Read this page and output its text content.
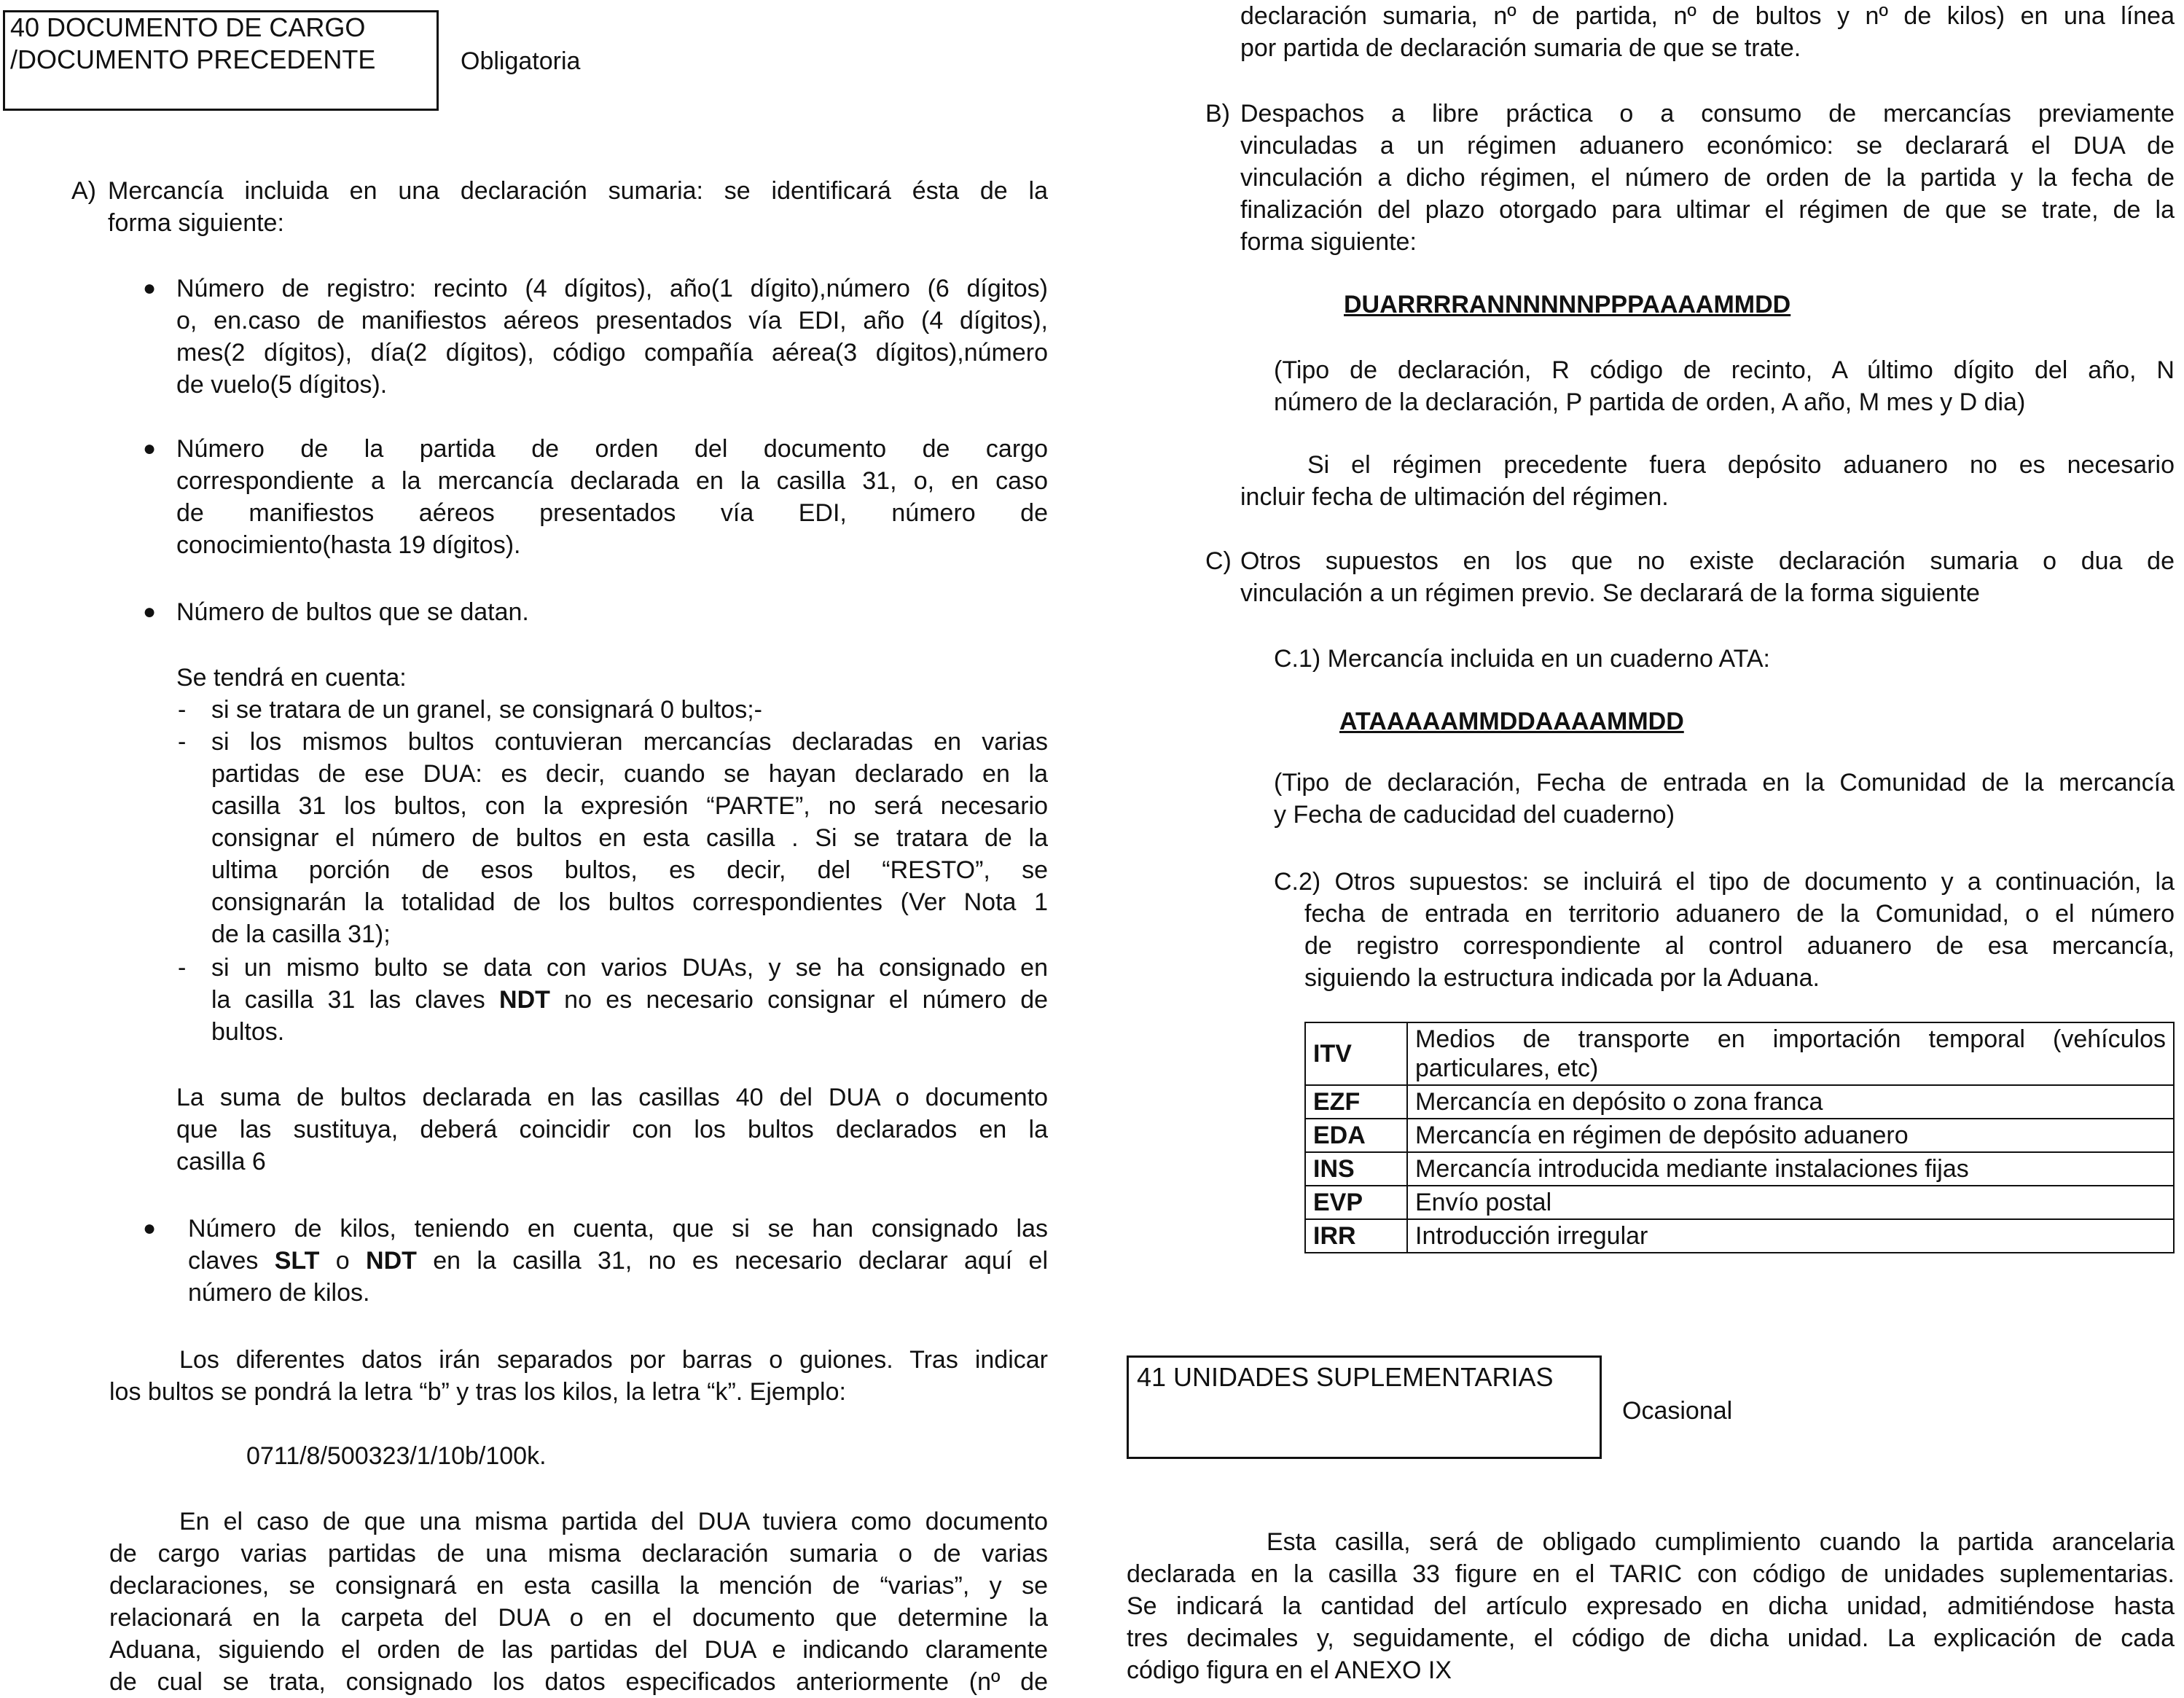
40 DOCUMENTO DE CARGO
/DOCUMENTO PRECEDENTE	Obligatoria
A) Mercancía incluida en una declaración sumaria: se identificará ésta de la
forma siguiente:
● Número de registro: recinto (4 dígitos), año(1 dígito),número (6 dígitos)
o, en.caso de manifiestos aéreos presentados vía EDI, año (4 dígitos),
mes(2 dígitos), día(2 dígitos), código compañía aérea(3 dígitos),número
de vuelo(5 dígitos).
● Número de la partida de orden del documento de cargo
correspondiente a la mercancía declarada en la casilla 31, o, en caso
de manifiestos aéreos presentados vía EDI, número de
conocimiento(hasta 19 dígitos).
● Número de bultos que se datan.
Se tendrá en cuenta:
- si se tratara de un granel, se consignará 0 bultos;-
- si los mismos bultos contuvieran mercancías declaradas en varias
partidas de ese DUA: es decir, cuando se hayan declarado en la
casilla 31 los bultos, con la expresión “PARTE”, no será necesario
consignar el número de bultos en esta casilla . Si se tratara de la
ultima porción de esos bultos, es decir, del “RESTO”, se
consignarán la totalidad de los bultos correspondientes (Ver Nota 1
de la casilla 31);
- si un mismo bulto se data con varios DUAs, y se ha consignado en
la casilla 31 las claves NDT no es necesario consignar el número de
bultos.
La suma de bultos declarada en las casillas 40 del DUA o documento
que las sustituya, deberá coincidir con los bultos declarados en la
casilla 6
● Número de kilos, teniendo en cuenta, que si se han consignado las
claves SLT o NDT en la casilla 31, no es necesario declarar aquí el
número de kilos.
Los diferentes datos irán separados por barras o guiones. Tras indicar
los bultos se pondrá la letra “b” y tras los kilos, la letra “k”. Ejemplo:
0711/8/500323/1/10b/100k.
En el caso de que una misma partida del DUA tuviera como documento
de cargo varias partidas de una misma declaración sumaria o de varias
declaraciones, se consignará en esta casilla la mención de “varias”, y se
relacionará en la carpeta del DUA o en el documento que determine la
Aduana, siguiendo el orden de las partidas del DUA e indicando claramente
de cual se trata, consignado los datos especificados anteriormente (nº de
declaración sumaria, nº de partida, nº de bultos y nº de kilos) en una línea
por partida de declaración sumaria de que se trate.
B) Despachos a libre práctica o a consumo de mercancías previamente
vinculadas a un régimen aduanero económico: se declarará el DUA de
vinculación a dicho régimen, el número de orden de la partida y la fecha de
finalización del plazo otorgado para ultimar el régimen de que se trate, de la
forma siguiente:
DUARRRRANNNNNNPPPAAAAMMDD
(Tipo de declaración, R código de recinto, A último dígito del año, N
número de la declaración, P partida de orden, A año, M mes y D dia)
Si el régimen precedente fuera depósito aduanero no es necesario
incluir fecha de ultimación del régimen.
C) Otros supuestos en los que no existe declaración sumaria o dua de
vinculación a un régimen previo. Se declarará de la forma siguiente
C.1) Mercancía incluida en un cuaderno ATA:
ATAAAAAMMDDAAAAMMDD
(Tipo de declaración, Fecha de entrada en la Comunidad de la mercancía
y Fecha de caducidad del cuaderno)
C.2) Otros supuestos: se incluirá el tipo de documento y a continuación, la
fecha de entrada en territorio aduanero de la Comunidad, o el número
de registro correspondiente al control aduanero de esa mercancía,
siguiendo la estructura indicada por la Aduana.
ITV	Medios de transporte en importación temporal (vehículos particulares, etc)
EZF	Mercancía en depósito o zona franca
EDA	Mercancía en régimen de depósito aduanero
INS	Mercancía introducida mediante instalaciones fijas
EVP	Envío postal
IRR	Introducción irregular
41 UNIDADES SUPLEMENTARIAS
Ocasional
Esta casilla, será de obligado cumplimiento cuando la partida arancelaria
declarada en la casilla 33 figure en el TARIC con código de unidades suplementarias.
Se indicará la cantidad del artículo expresado en dicha unidad, admitiéndose hasta
tres decimales y, seguidamente, el código de dicha unidad. La explicación de cada
código figura en el ANEXO IX
